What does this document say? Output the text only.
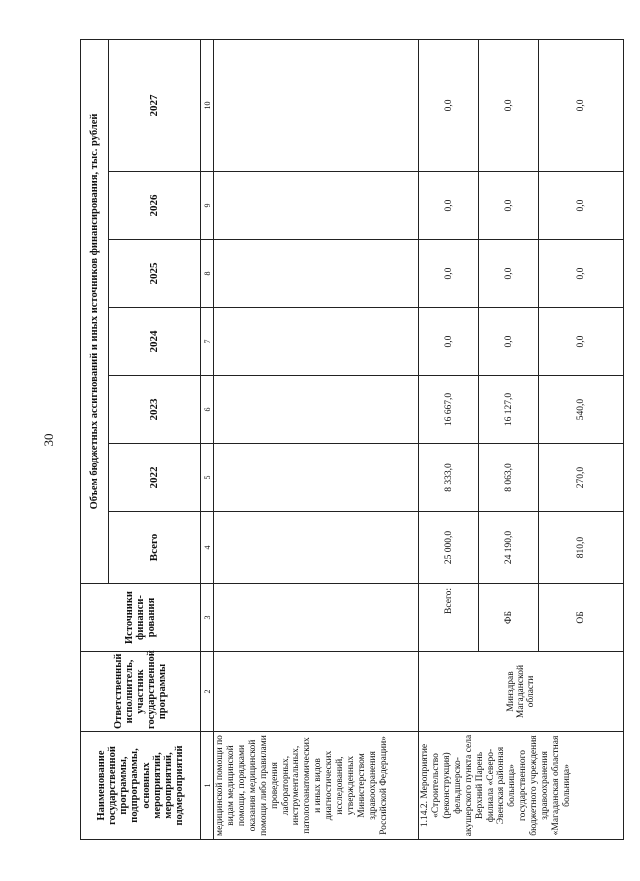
30
Наименование государственной программы, подпрограммы, основных мероприятий, мероприятий, подмероприятий	Ответственный исполнитель, участник государственной программы	Источники финанси-рования	Объем бюджетных ассигнований и иных источников финансирования, тыс. рублей						
			Всего	2022	2023	2024	2025	2026	2027
1	2	3	4	5	6	7	8	9	10
медицинской помощи по видам медицинской помощи, порядками оказания медицинской помощи либо правилами проведения лабораторных, инструментальных, патологоанатомических и иных видов диагностических исследований, утвержденных Министерством здравоохранения Российской Федерации»									
1.14.2. Мероприятие «Строительство (реконструкция) фельдшерско-акушерского пункта села Верхний Парень филиала «Северо-Эвенская районная больница» государственного бюджетного учреждения здравоохранения «Магаданская областная больница»	Минздрав Магаданской области	Всего:	25 000,0	8 333,0	16 667,0	0,0	0,0	0,0	0,0
		ФБ	24 190,0	8 063,0	16 127,0	0,0	0,0	0,0	0,0
		ОБ	810,0	270,0	540,0	0,0	0,0	0,0	0,0
